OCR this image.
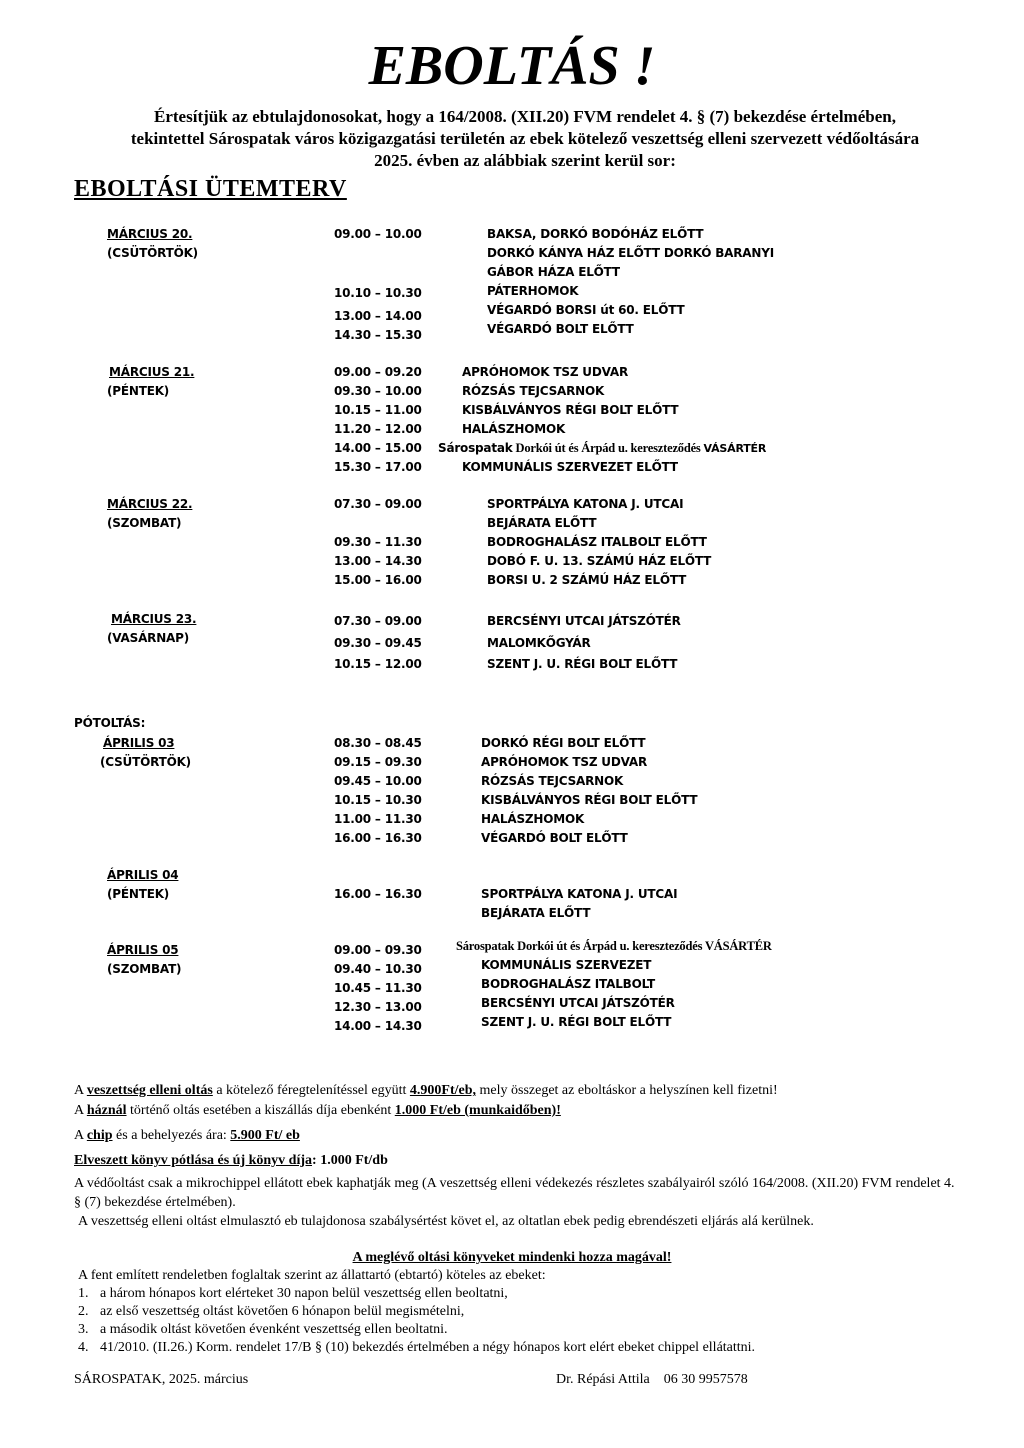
EBOLTÁS !
Értesítjük az ebtulajdonosokat, hogy a 164/2008. (XII.20) FVM rendelet 4. § (7) bekezdése értelmében,
tekintettel Sárospatak város közigazgatási területén az ebek kötelező veszettség elleni szervezett védőoltására
2025. évben az alábbiak szerint kerül sor:
EBOLTÁSI ÜTEMTERV
MÁRCIUS 20.
(CSÜTÖRTÖK)
09.00 – 10.00	BAKSA, DORKÓ BODÓHÁZ ELŐTT
DORKÓ KÁNYA HÁZ ELŐTT DORKÓ BARANYI
GÁBOR HÁZA ELŐTT
10.10 – 10.30	PÁTERHOMOK
13.00 – 14.00	VÉGARDÓ BORSI út 60. ELŐTT
14.30 – 15.30	VÉGARDÓ BOLT ELŐTT
MÁRCIUS 21.
(PÉNTEK)
09.00 – 09.20	APRÓHOMOK TSZ UDVAR
09.30 – 10.00	RÓZSÁS TEJCSARNOK
10.15 – 11.00	KISBÁLVÁNYOS RÉGI BOLT ELŐTT
11.20 – 12.00	HALÁSZHOMOK
14.00 – 15.00 Sárospatak Dorkói út és Árpád u. kereszteződés VÁSÁRTÉR
15.30 – 17.00	KOMMUNÁLIS SZERVEZET ELŐTT
MÁRCIUS 22.
(SZOMBAT)
07.30 – 09.00	SPORTPÁLYA KATONA J. UTCAI
BEJÁRATA ELŐTT
09.30 – 11.30	BODROGHALÁSZ ITALBOLT ELŐTT
13.00 – 14.30	DOBÓ F. U. 13. SZÁMÚ HÁZ ELŐTT
15.00 – 16.00	BORSI U. 2 SZÁMÚ HÁZ ELŐTT
MÁRCIUS 23.
(VASÁRNAP)
07.30 – 09.00	BERCSÉNYI UTCAI JÁTSZÓTÉR
09.30 – 09.45	MALOMKŐGYÁR
10.15 – 12.00	SZENT J. U. RÉGI BOLT ELŐTT
PÓTOLTÁS:
ÁPRILIS 03
(CSÜTÖRTÖK)
08.30 – 08.45	DORKÓ RÉGI BOLT ELŐTT
09.15 – 09.30	APRÓHOMOK TSZ UDVAR
09.45 – 10.00	RÓZSÁS TEJCSARNOK
10.15 – 10.30	KISBÁLVÁNYOS RÉGI BOLT ELŐTT
11.00 – 11.30	HALÁSZHOMOK
16.00 – 16.30	VÉGARDÓ BOLT ELŐTT
ÁPRILIS 04
(PÉNTEK)	16.00 – 16.30	SPORTPÁLYA KATONA J. UTCAI
BEJÁRATA ELŐTT
ÁPRILIS 05
(SZOMBAT)
09.00 – 09.30	Sárospatak Dorkói út és Árpád u. kereszteződés VÁSÁRTÉR
09.40 – 10.30	KOMMUNÁLIS SZERVEZET
10.45 – 11.30	BODROGHALÁSZ ITALBOLT
12.30 – 13.00	BERCSÉNYI UTCAI JÁTSZÓTÉR
14.00 – 14.30	SZENT J. U. RÉGI BOLT ELŐTT
A veszettség elleni oltás a kötelező féregtelenítéssel együtt 4.900Ft/eb, mely összeget az eboltáskor a helyszínen kell fizetni!
A háznál történő oltás esetében a kiszállás díja ebenként 1.000 Ft/eb (munkaidőben)!
A chip és a behelyezés ára: 5.900 Ft/ eb
Elveszett könyv pótlása és új könyv díja: 1.000 Ft/db
A védőoltást csak a mikrochippel ellátott ebek kaphatják meg (A veszettség elleni védekezés részletes szabályairól szóló 164/2008. (XII.20) FVM rendelet 4. § (7) bekezdése értelmében).
A veszettség elleni oltást elmulasztó eb tulajdonosa szabálysértést követ el, az oltatlan ebek pedig ebrendészeti eljárás alá kerülnek.
A meglévő oltási könyveket mindenki hozza magával!
A fent említett rendeletben foglaltak szerint az állattartó (ebtartó) köteles az ebeket:
1. a három hónapos kort elérteket 30 napon belül veszettség ellen beoltatni,
2. az első veszettség oltást követően 6 hónapon belül megismételni,
3. a második oltást követően évenként veszettség ellen beoltatni.
4. 41/2010. (II.26.) Korm. rendelet 17/B § (10) bekezdés értelmében a négy hónapos kort elért ebeket chippel ellátattni.
SÁROSPATAK, 2025. március	Dr. Répási Attila 06 30 9957578
